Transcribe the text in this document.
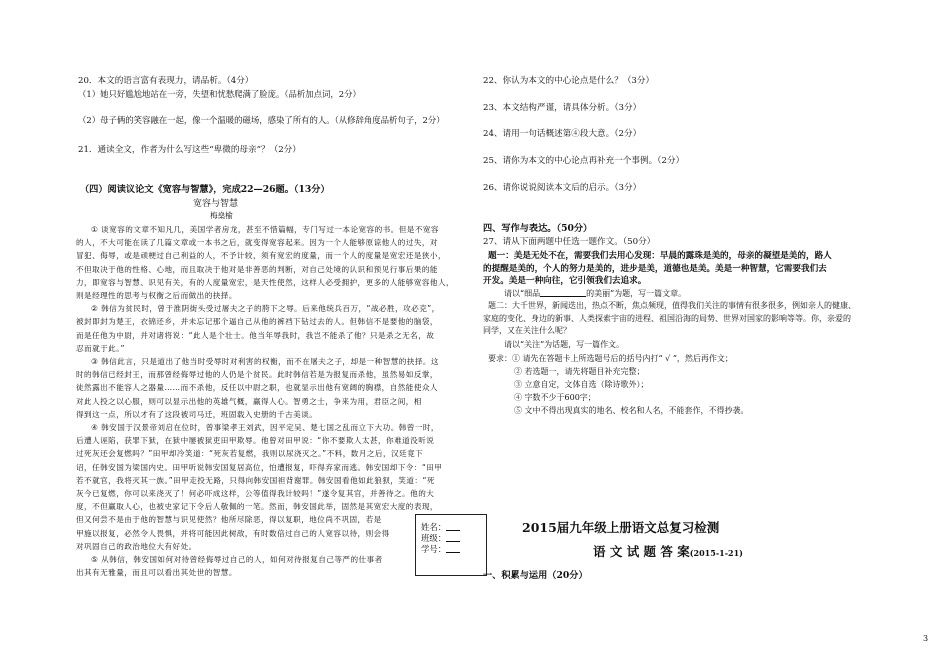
20．本文的语言富有表现力，请品析。（4分）
（1）她只好尴尬地站在一旁，失望和忧愁爬满了脸庞。（品析加点词，2分）
（2）母子俩的笑容融在一起，像一个温暖的磁场，感染了所有的人。（从修辞角度品析句子，2分）
21．通读全文，作者为什么写这些“卑微的母亲”？（2分）
（四）阅读议论文《宽容与智慧》，完成22—26题。（13分）
宽容与智慧
梅燊榆
① 谈宽容的文章不知凡几，美国学者房龙，甚至不惜篇幅，专门写过一本论宽容的书。但是不宽容
的人，不大可能在读了几篇文章或一本书之后，就变得宽容起来。因为一个人能够原谅他人的过失，对
冒犯、侮辱，或是顽梗过自己利益的人，不予计较，须有宽宏的度量，而一个人的度量是宽宏还是狭小，
不但取决于他的性格、心地，而且取决于他对是非善恶的判断，对自己处境的认识和预见行事后果的能
力，即宽容与智慧、识见有关，有的人度量宽宏，是天性使然，这样人必受拥护，更多的人能够宽容他人，
则是经理性的思考与权衡之后而做出的抉择。
② 韩信为贫民时，曾于淮阴街头受过屠夫之子的胯下之辱。后来他统兵百万，“战必胜，攻必克”，
被封即封为楚王，衣锦还乡，并未忘记那个逼自己从他的裤裆下钻过去的人。但韩信不是要他的脑袋，
而是任他为中尉，并对诸将说：“此人是个壮士。他当年辱我时，我岂不能杀了他？只是杀之无名，故
忍而就于此。”
③ 韩信此言，只是道出了他当时受辱时对利害的权衡，而不在屠夫之子，却是一种智慧的抉择。这
时的韩信已经封王，而那曾经侮辱过他的人仍是个贫民。此时韩信若是为报复而杀他，虽然易如反掌，
徒然露出不能容人之器量……而不杀他，反任以中尉之职，也就显示出他有宽阔的胸襟，自然能使众人
对此人投之以心服，则可以显示出他的英雄气概，赢得人心。智勇之士，争来为用，君臣之间，相
得到这一点，所以才有了这段被司马迁，班固载入史册的千古美谈。
④ 韩安国于汉景帝刘启在位时，曾事梁孝王刘武，因平定吴、楚七国之乱而立下大功。韩曾一时，
后遭人诬陷，获罪下狱，在狱中屡被狱吏田甲欺辱。他曾对田甲说：“你不要欺人太甚，你难道没听说
过死灰还会复燃吗？”田甲却冷笑道：“死灰若复燃，我则以尿浇灭之。”不料，数月之后，汉廷竟下
诏，任韩安国为梁国内史。田甲听说韩安国复居高位，怕遭报复，吓得弃家而逃。韩安国却下令：“田甲
若不就官，我将灭其一族。”田甲走投无路，只得向韩安国袒背谢罪。韩安国看他如此狼狈，笑道：“死
灰今已复燃，你可以来浇灭了！何必吓成这样，公等值得我计较吗！”遂令复其官，并善待之。他的大
度，不但赢取人心，也被史家记下令后人敬佩的一笔。然而，韩安国此举，固然是其宽宏大度的表现，
但又何尝不是由于他的智慧与识见使然？他所尽除恶，得以复职，地位尚不巩固，若是
甲施以报复，必然令人畏惧，并将可能因此树敌，有时数倍过自己的人宽容以待，则会得
对巩固自己的政治地位大有好处。
⑤ 从韩信，韩安国如何对待曾经侮辱过自己的人，如何对待报复自己等严的仕事者
出其有无雅量，而且可以看出其处世的智慧。
姓名：
班级：
学号：
22、你认为本文的中心论点是什么？（3分）
23、本文结构严谨，请具体分析。（3分）
24、请用一句话概述第④段大意。（2分）
25、请你为本文的中心论点再补充一个事例。（2分）
26、请你说说阅读本文后的启示。（3分）
四、写作与表达。（50分）
27、请从下面两题中任选一题作文。（50分）
题一：美是无处不在，需要我们去用心发现：早晨的露珠是美的，母亲的凝望是美的，路人
的提醒是美的，个人的努力是美的，进步是美，道德也是美。美是一种智慧，它需要我们去
开发。美是一种向往，它引领我们去追求。
请以“细品	的美丽”为题，写一篇文章。
题二：大千世界，新闻迭出，热点不断，焦点频现，值得我们关注的事情有很多很多，例如亲人的健康、
家庭的变化、身边的新事、人类探索宇宙的进程、祖国沿海的局势、世界对国家的影响等等。你，亲爱的
同学，又在关注什么呢？
请以“关注”为话题，写一篇作文。
要求：① 请先在答题卡上所选题号后的括号内打“ √ ”，然后再作文；
② 若选题一，请先将题目补充完整；
③ 立意自定，文体自选（除诗歌外）；
④ 字数不少于600字；
⑤ 文中不得出现真实的地名、校名和人名，不能套作，不得抄袭。
2015届九年级上册语文总复习检测
语 文 试 题 答 案(2015-1-21)
一、积累与运用（20分）
3
